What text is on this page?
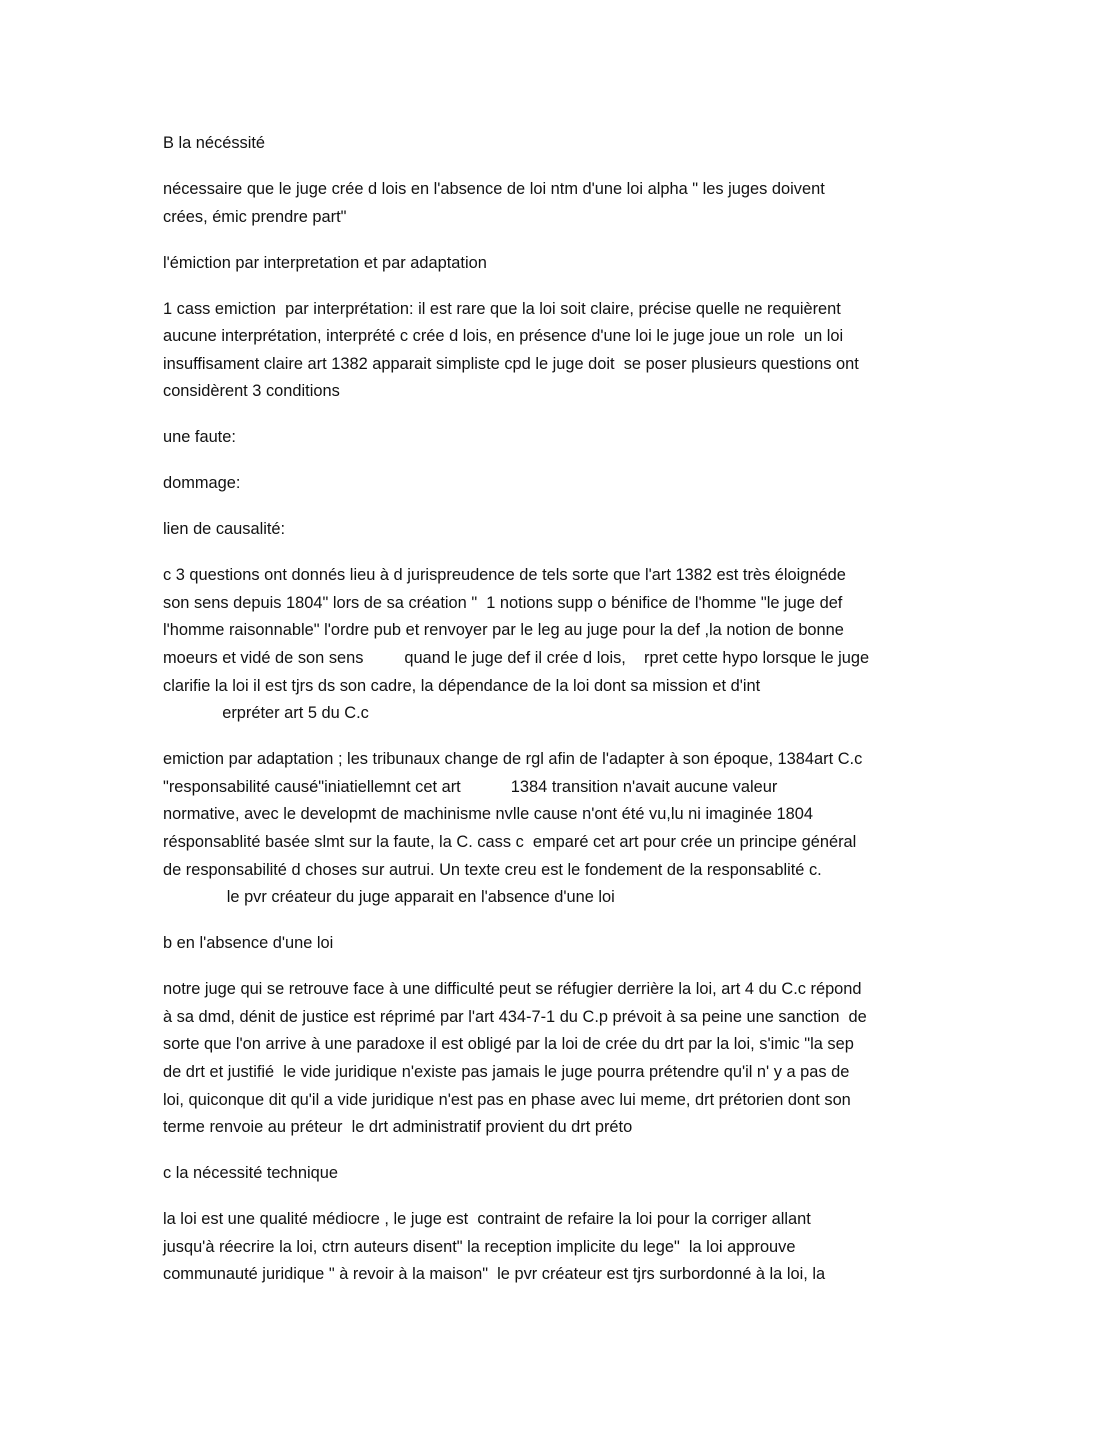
B la nécéssité
nécessaire que le juge crée d lois en l'absence de loi ntm d'une loi alpha " les juges doivent
crées, émic prendre part"
l'émiction par interpretation et par adaptation
1 cass emiction  par interprétation: il est rare que la loi soit claire, précise quelle ne requièrent
aucune interprétation, interprété c crée d lois, en présence d'une loi le juge joue un role  un loi
insuffisament claire art 1382 apparait simpliste cpd le juge doit  se poser plusieurs questions ont
considèrent 3 conditions
une faute:
dommage:
lien de causalité:
c 3 questions ont donnés lieu à d jurispreudence de tels sorte que l'art 1382 est très éloignéde
son sens depuis 1804" lors de sa création "  1 notions supp o bénifice de l'homme "le juge def
l'homme raisonnable" l'ordre pub et renvoyer par le leg au juge pour la def ,la notion de bonne
moeurs et vidé de son sens         quand le juge def il crée d lois,    rpret cette hypo lorsque le juge
clarifie la loi il est tjrs ds son cadre, la dépendance de la loi dont sa mission et d'int
erpréter art 5 du C.c
emiction par adaptation ; les tribunaux change de rgl afin de l'adapter à son époque, 1384art C.c
"responsabilité causé"iniatiellemnt cet art           1384 transition n'avait aucune valeur
normative, avec le developmt de machinisme nvlle cause n'ont été vu,lu ni imaginée 1804
résponsablité basée slmt sur la faute, la C. cass c  emparé cet art pour crée un principe général
de responsabilité d choses sur autrui. Un texte creu est le fondement de la responsablité c.
le pvr créateur du juge apparait en l'absence d'une loi
b en l'absence d'une loi
notre juge qui se retrouve face à une difficulté peut se réfugier derrière la loi, art 4 du C.c répond
à sa dmd, dénit de justice est réprimé par l'art 434-7-1 du C.p prévoit à sa peine une sanction  de
sorte que l'on arrive à une paradoxe il est obligé par la loi de crée du drt par la loi, s'imic "la sep
de drt et justifié  le vide juridique n'existe pas jamais le juge pourra prétendre qu'il n' y a pas de
loi, quiconque dit qu'il a vide juridique n'est pas en phase avec lui meme, drt prétorien dont son
terme renvoie au préteur  le drt administratif provient du drt préto
c la nécessité technique
la loi est une qualité médiocre , le juge est  contraint de refaire la loi pour la corriger allant
jusqu'à réecrire la loi, ctrn auteurs disent" la reception implicite du lege"  la loi approuve
communauté juridique " à revoir à la maison"  le pvr créateur est tjrs surbordonné à la loi, la
